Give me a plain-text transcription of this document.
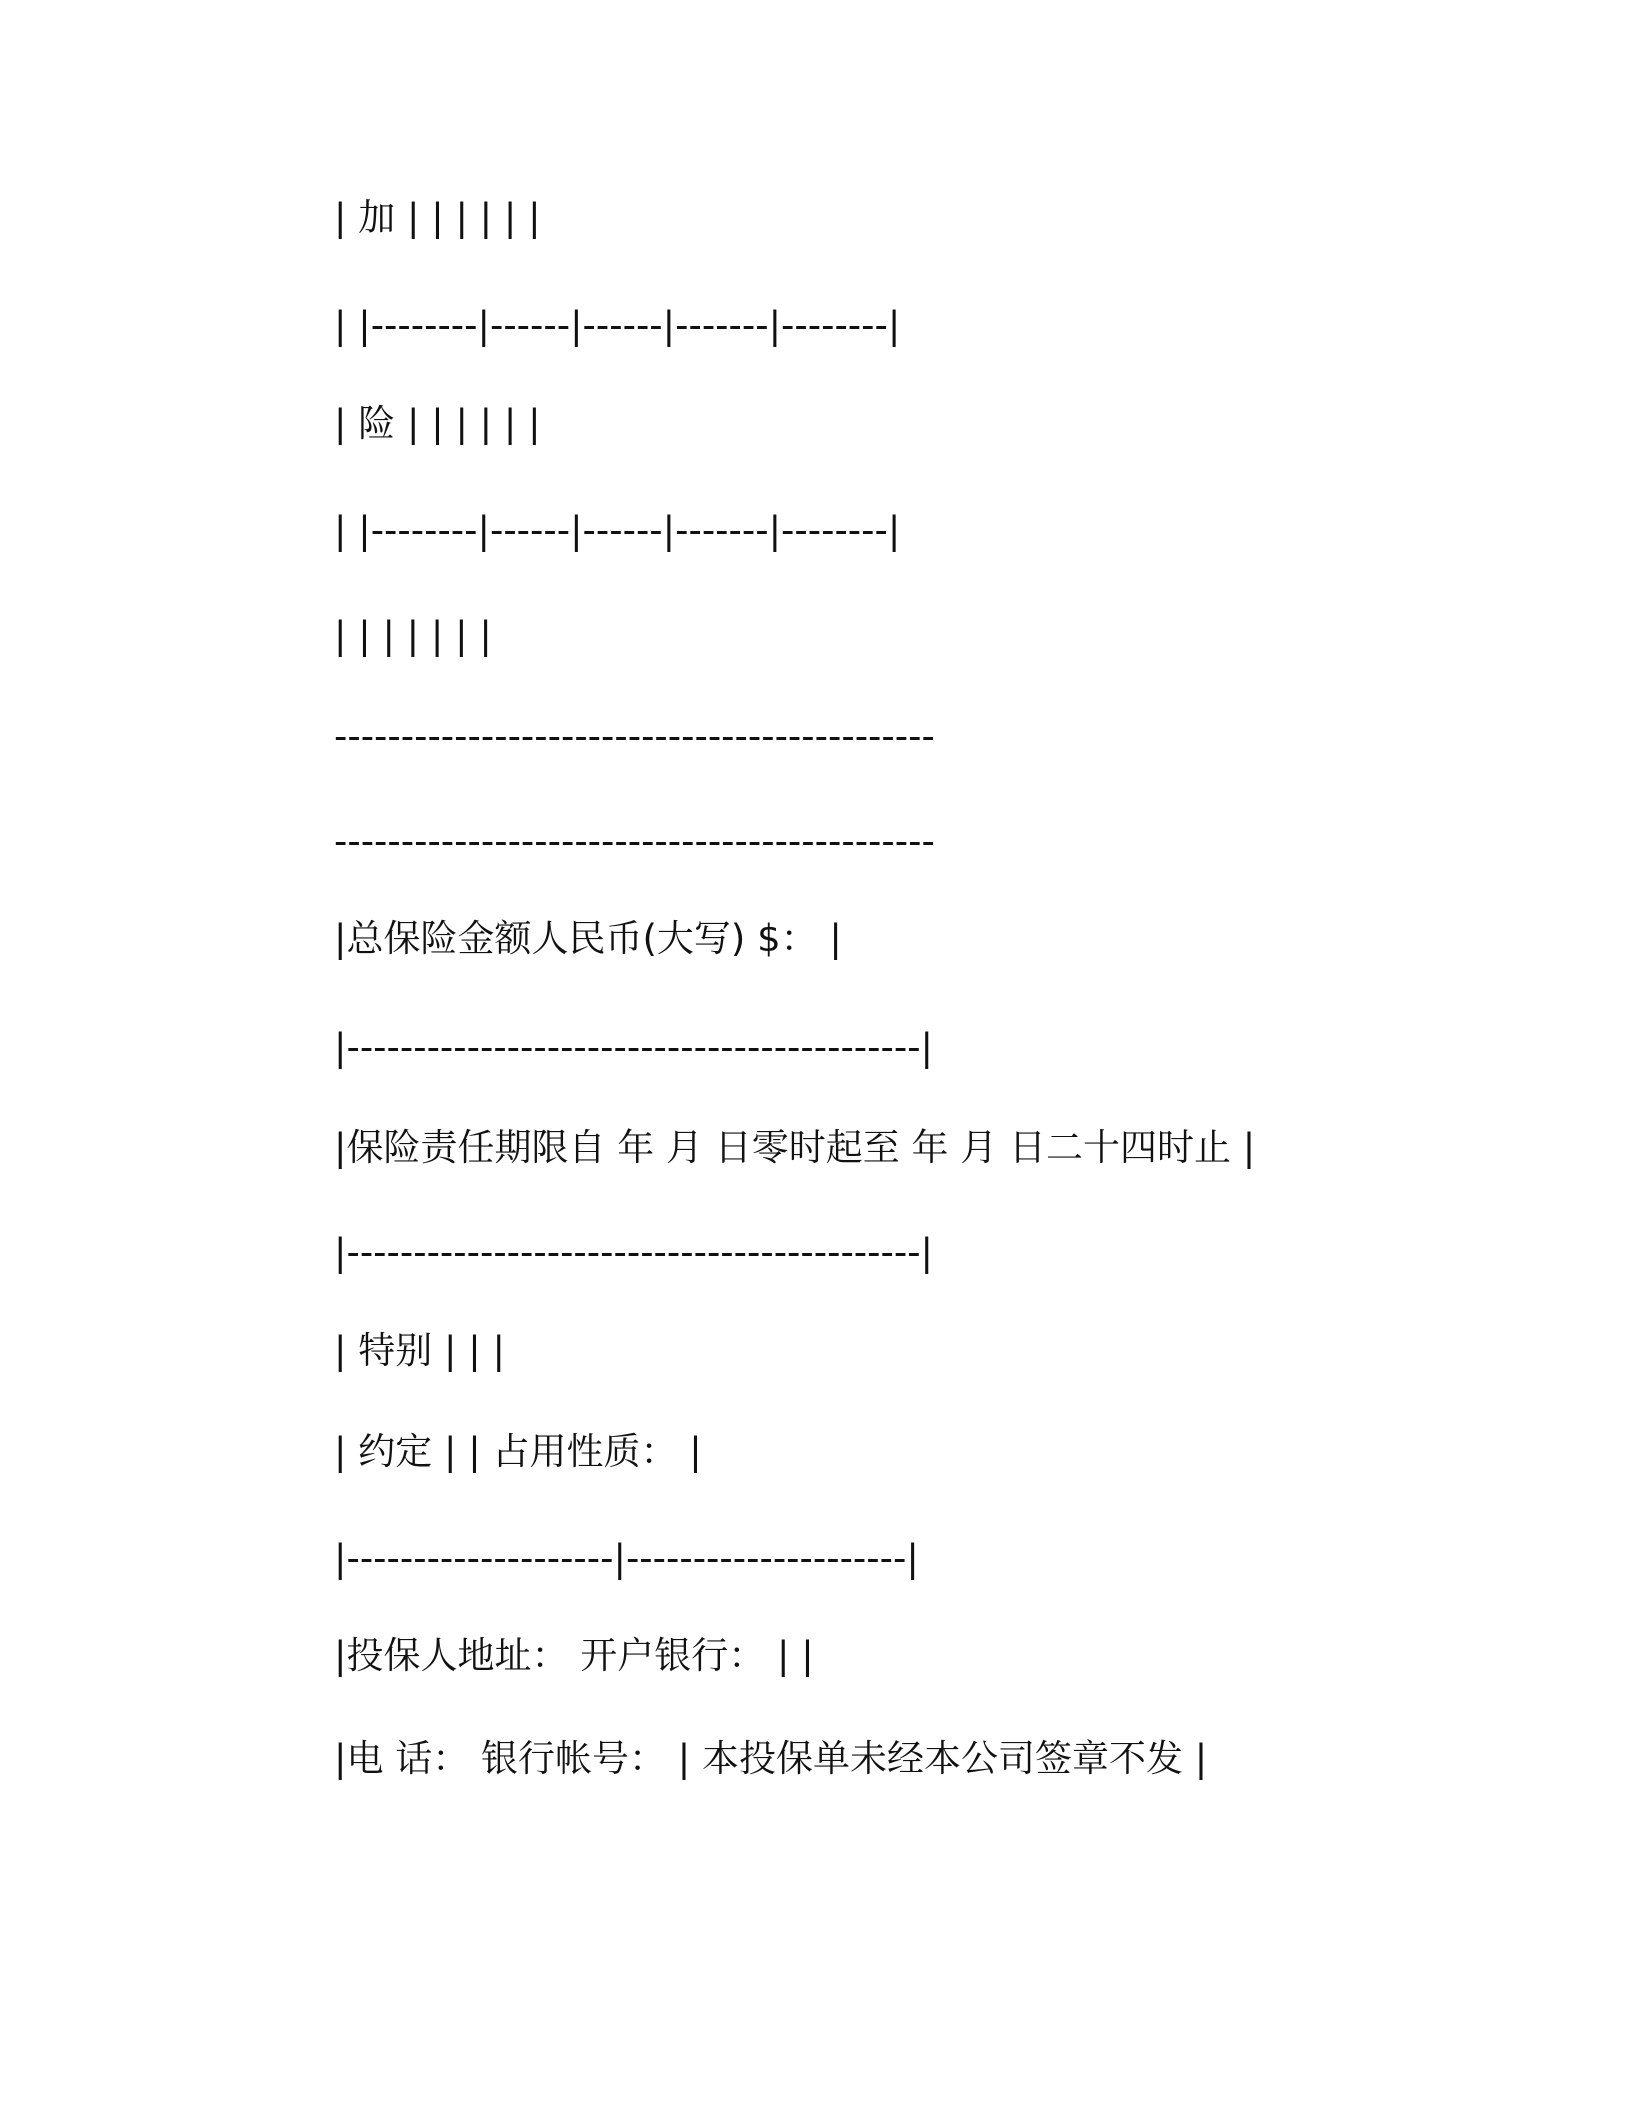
| 加 | | | | | |
| |--------|------|------|-------|--------|
| 险 | | | | | |
| |--------|------|------|-------|--------|
| | | | | | |
---------------------------------------------
---------------------------------------------
|总保险金额人民币(大写) $： |
|-------------------------------------------|
|保险责任期限自 年 月 日零时起至 年 月 日二十四时止 |
|-------------------------------------------|
| 特别 | | |
| 约定 | | 占用性质： |
|--------------------|---------------------|
|投保人地址： 开户银行： | |
|电 话： 银行帐号： | 本投保单未经本公司签章不发 |
